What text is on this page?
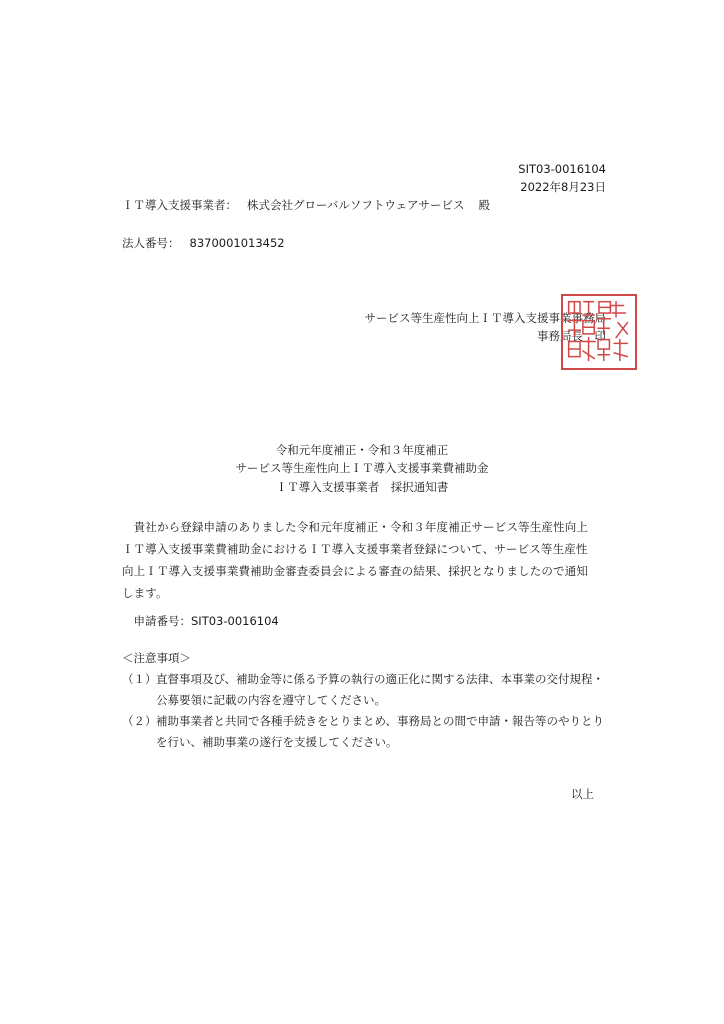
SIT03-0016104
2022年8月23日
ＩＴ導入支援事業者： 株式会社グローバルソフトウェアサービス 殿
法人番号： 8370001013452
サービス等生産性向上ＩＴ導入支援事業事務局
事務局長　印
令和元年度補正・令和３年度補正
サービス等生産性向上ＩＴ導入支援事業費補助金
ＩＴ導入支援事業者　採択通知書
　貴社から登録申請のありました令和元年度補正・令和３年度補正サービス等生産性向上
ＩＴ導入支援事業費補助金におけるＩＴ導入支援事業者登録について、サービス等生産性
向上ＩＴ導入支援事業費補助金審査委員会による審査の結果、採択となりましたので通知
します。
　申請番号：SIT03-0016104
＜注意事項＞
（１） 直督事項及び、補助金等に係る予算の執行の適正化に関する法律、本事業の交付規程・
公募要領に記載の内容を遵守してください。
（２） 補助事業者と共同で各種手続きをとりまとめ、事務局との間で申請・報告等のやりとり
を行い、補助事業の遂行を支援してください。
以上
